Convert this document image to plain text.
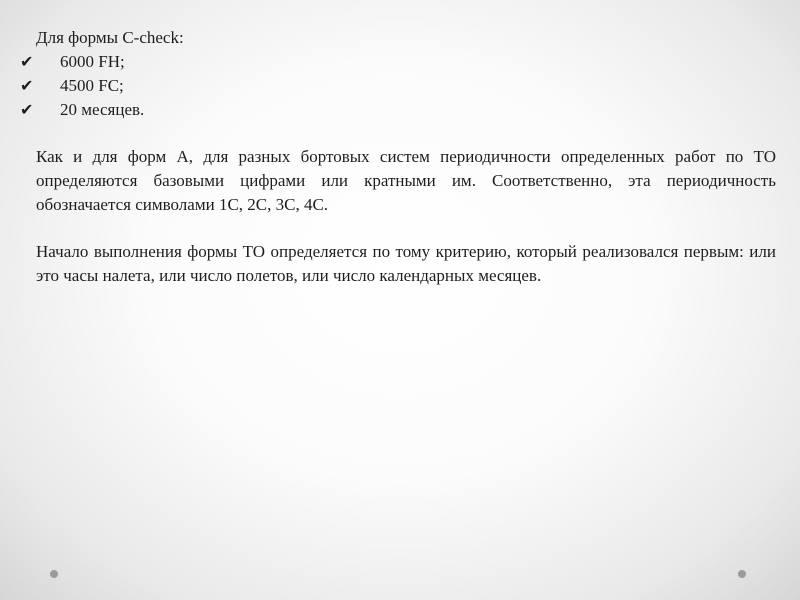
Для формы C-check:

✔ 6000 FH;
✔ 4500 FC;
✔ 20 месяцев.

Как и для форм А, для разных бортовых систем периодичности определенных работ по ТО определяются базовыми цифрами или кратными им. Соответственно, эта периодичность обозначается символами 1С, 2С, 3С, 4С.

Начало выполнения формы ТО определяется по тому критерию, который реализовался первым: или это часы налета, или число полетов, или число календарных месяцев.
